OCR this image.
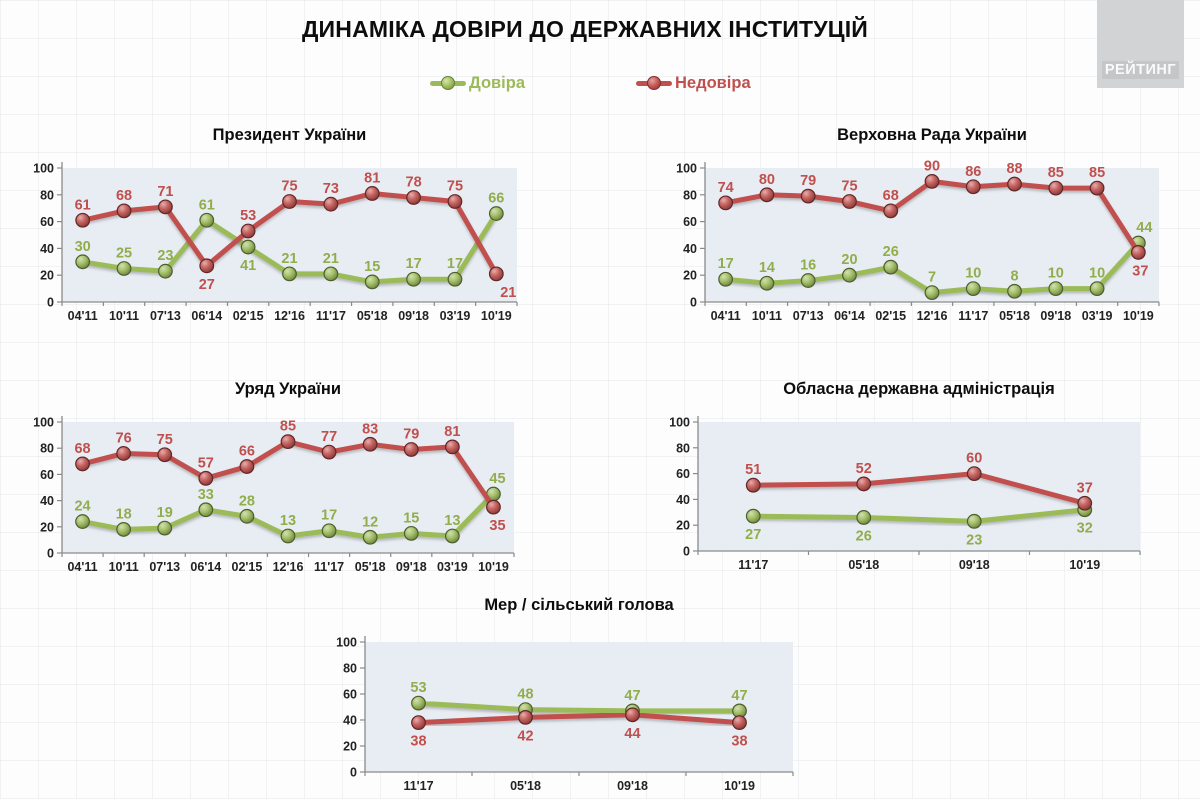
ДИНАМІКА ДОВІРИ ДО ДЕРЖАВНИХ ІНСТИТУЦІЙ
РЕЙТИНГ
Довіра	Недовіра
Президент України
0
20
40
60
80
100
04'11 10'11 07'13 06'14 02'15 12'16 11'17 05'18 09'18 03'19 10'19
30 25 23
61
41 21 21
15 17 17
66
61
68 71
27
53
75 73
81 78 75
21
Верховна Рада України
0
20
40
60
80
100
04'11 10'11 07'13 06'14 02'15 12'16 11'17 05'18 09'18 03'19 10'19
17 14 16 20
26
7 10 8 10 10
44
74
80 79 75
68
90 86 88 85 85
37
Уряд України
0
20
40
60
80
100
04'11 10'11 07'13 06'14 02'15 12'16 11'17 05'18 09'18 03'19 10'19
24 18 19
33 28
13 17 12 15 13
45
68
76 75
57
66
85
77 83 79 81
35
Обласна державна адміністрація
0
20
40
60
80
100
11'17	05'18	09'18	10'19
27	26	23
32
51	52
60
37
Мер / сільський голова
0
20
40
60
80
100
11'17	05'18	09'18	10'19
53	48	47	47
38	42	44	38
